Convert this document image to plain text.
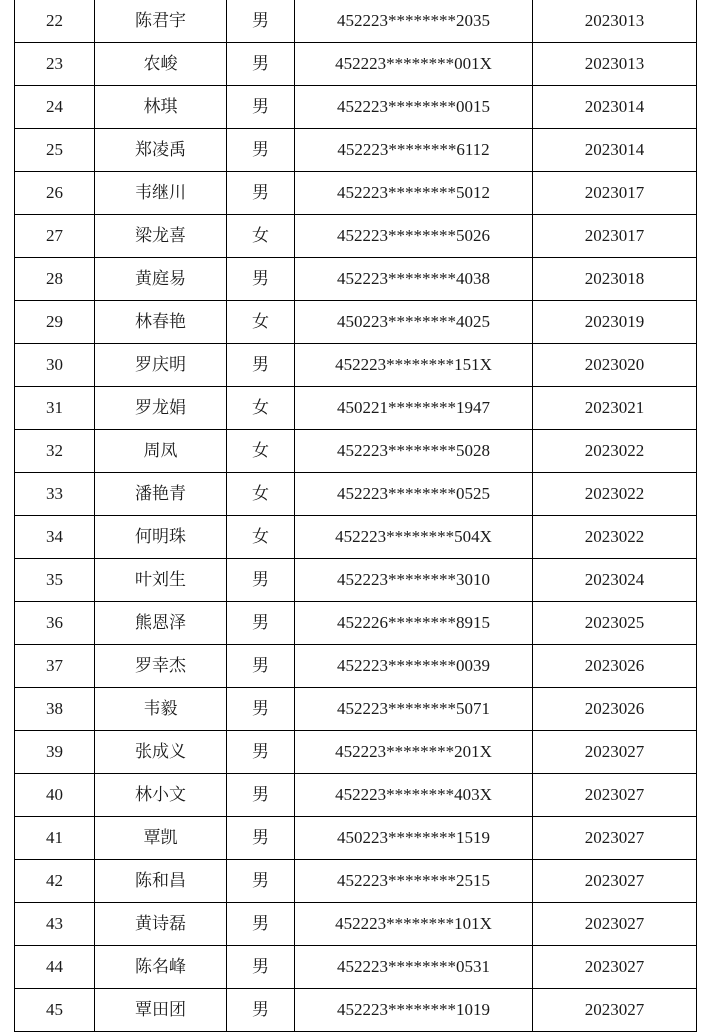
22	陈君宇	男	452223********2035	2023013
23	农峻	男	452223********001X	2023013
24	林琪	男	452223********0015	2023014
25	郑凌禹	男	452223********6112	2023014
26	韦继川	男	452223********5012	2023017
27	梁龙喜	女	452223********5026	2023017
28	黄庭易	男	452223********4038	2023018
29	林春艳	女	450223********4025	2023019
30	罗庆明	男	452223********151X	2023020
31	罗龙娟	女	450221********1947	2023021
32	周凤	女	452223********5028	2023022
33	潘艳青	女	452223********0525	2023022
34	何明珠	女	452223********504X	2023022
35	叶刘生	男	452223********3010	2023024
36	熊恩泽	男	452226********8915	2023025
37	罗幸杰	男	452223********0039	2023026
38	韦毅	男	452223********5071	2023026
39	张成义	男	452223********201X	2023027
40	林小文	男	452223********403X	2023027
41	覃凯	男	450223********1519	2023027
42	陈和昌	男	452223********2515	2023027
43	黄诗磊	男	452223********101X	2023027
44	陈名峰	男	452223********0531	2023027
45	覃田团	男	452223********1019	2023027
